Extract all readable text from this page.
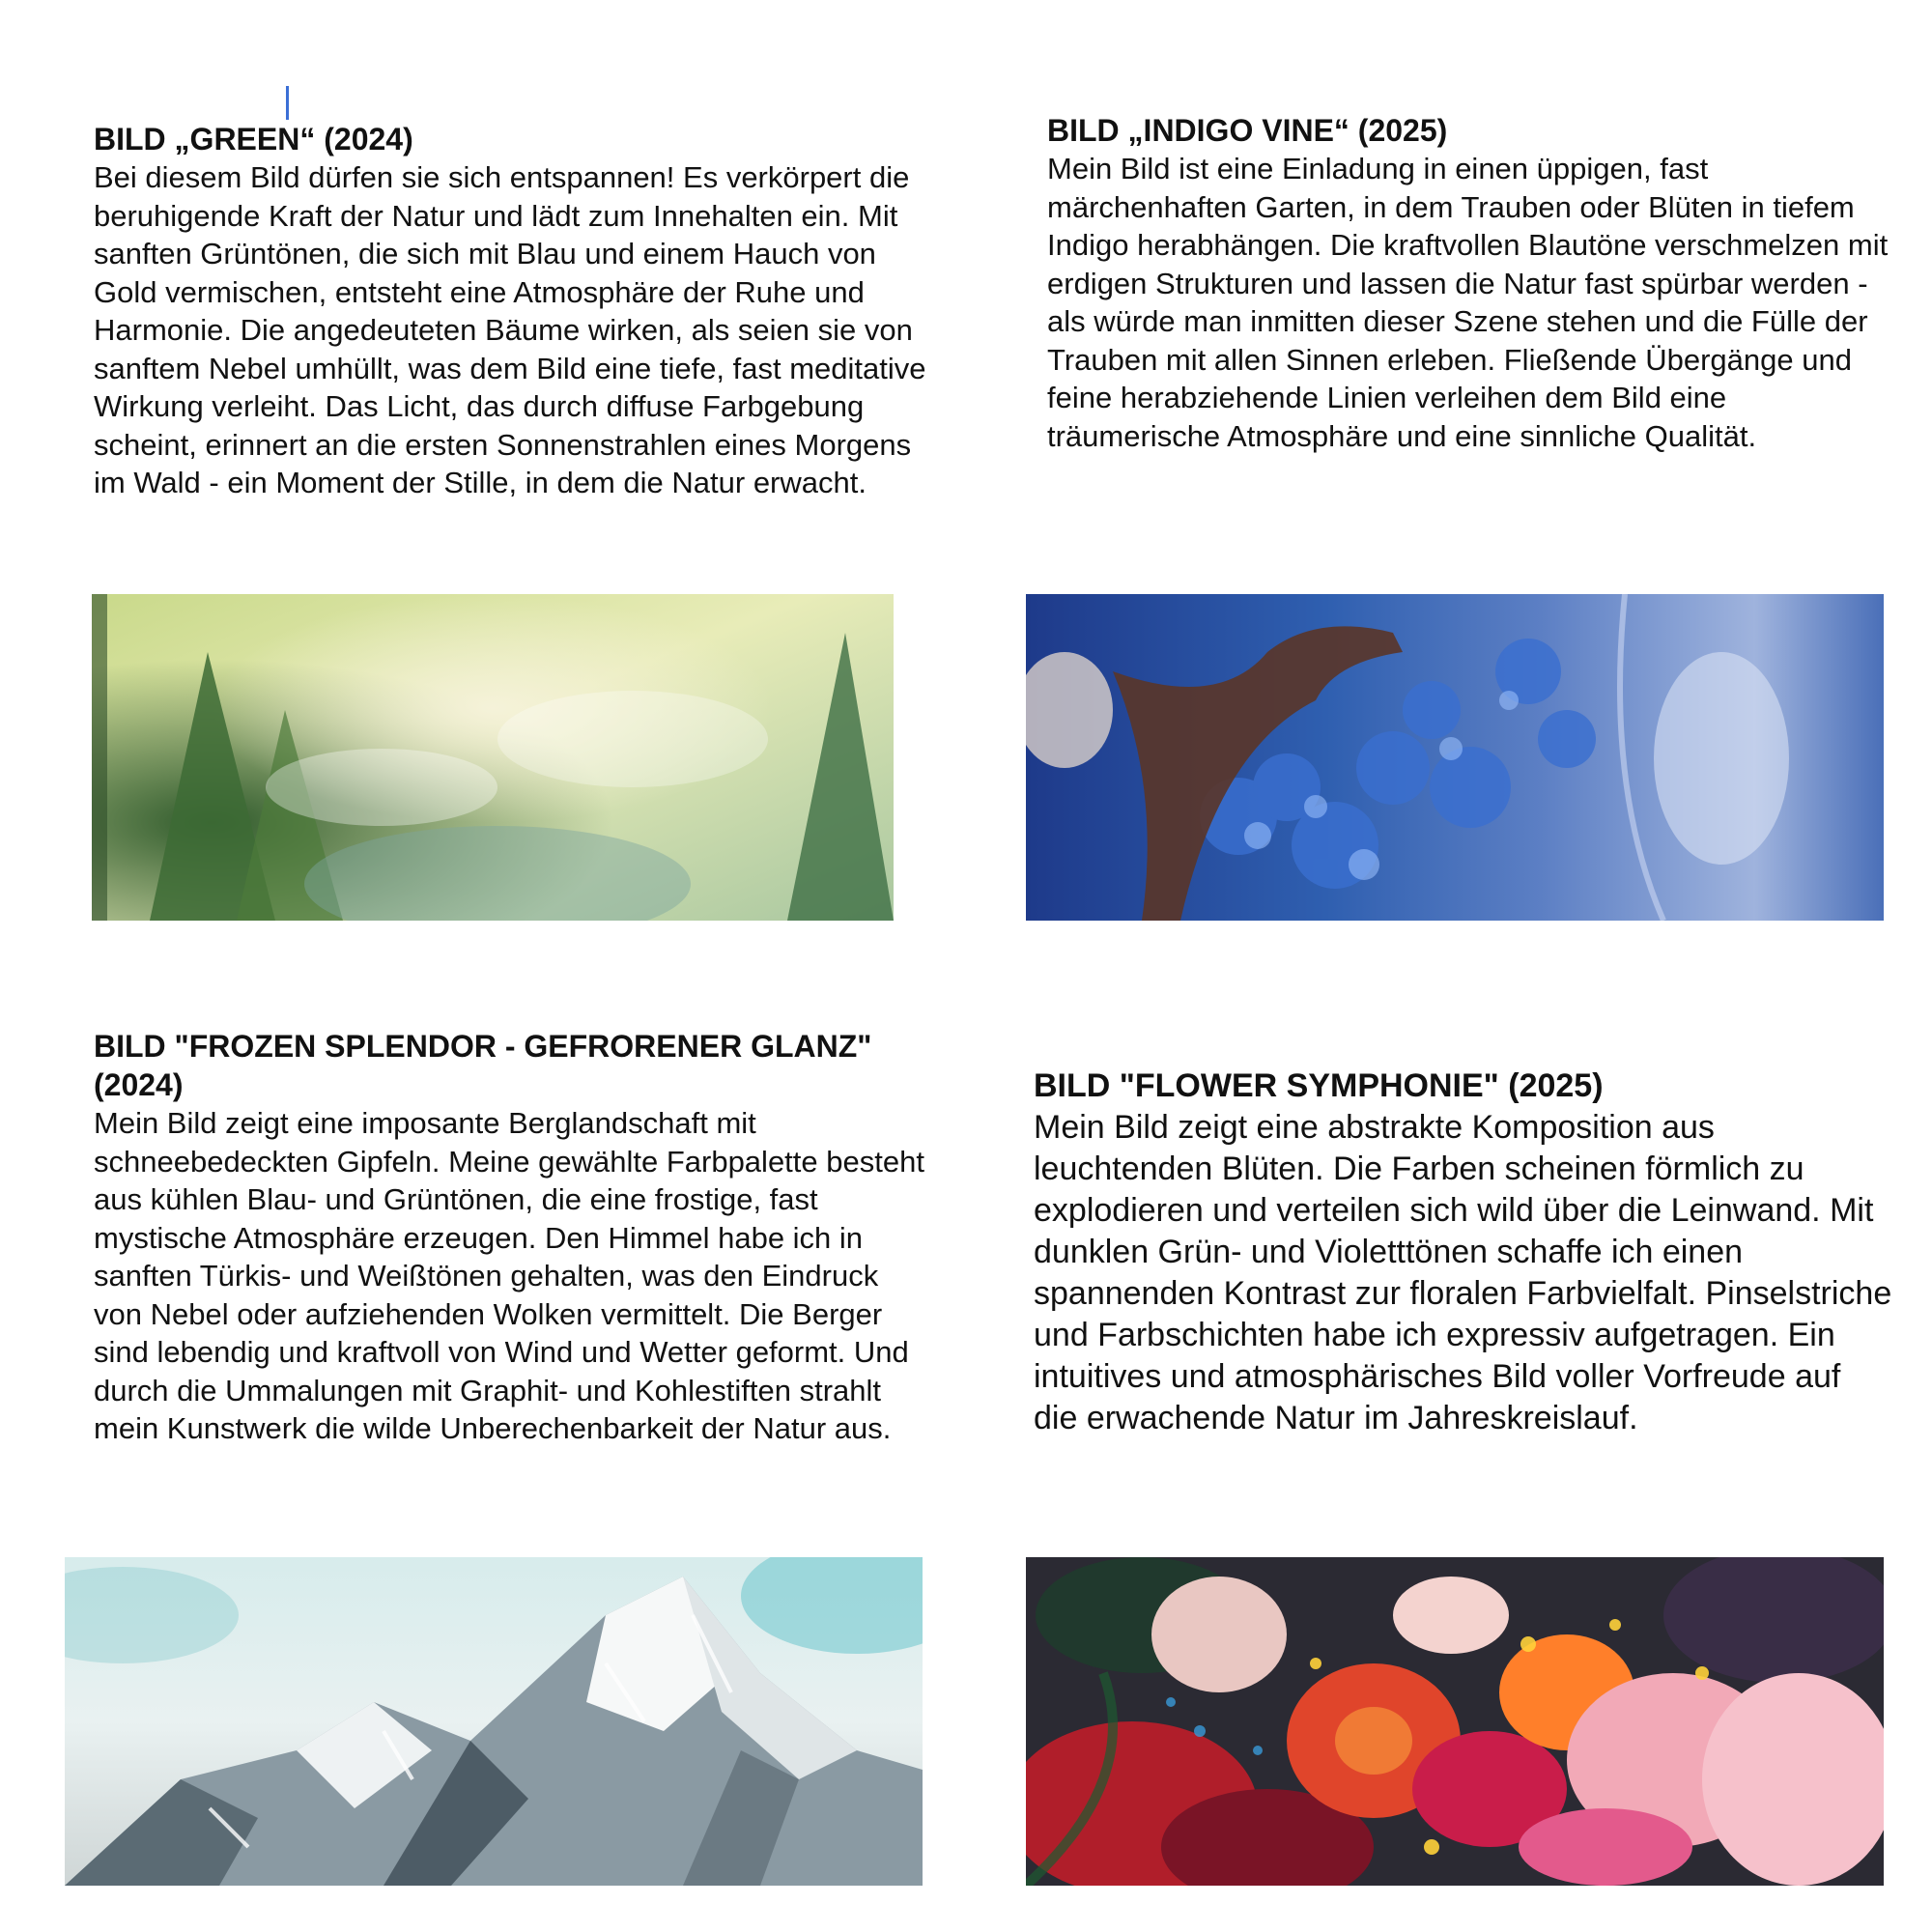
BILD „GREEN“ (2024)

Bei diesem Bild dürfen sie sich entspannen! Es verkörpert die beruhigende Kraft der Natur und lädt zum Innehalten ein. Mit sanften Grüntönen, die sich mit Blau und einem Hauch von Gold vermischen, entsteht eine Atmosphäre der Ruhe und Harmonie. Die angedeuteten Bäume wirken, als seien sie von sanftem Nebel umhüllt, was dem Bild eine tiefe, fast meditative Wirkung verleiht. Das Licht, das durch diffuse Farbgebung scheint, erinnert an die ersten Sonnenstrahlen eines Morgens im Wald - ein Moment der Stille, in dem die Natur erwacht.

BILD „INDIGO VINE“ (2025)

Mein Bild ist eine Einladung in einen üppigen, fast märchenhaften Garten, in dem Trauben oder Blüten in tiefem Indigo herabhängen. Die kraftvollen Blautöne verschmelzen mit erdigen Strukturen und lassen die Natur fast spürbar werden - als würde man inmitten dieser Szene stehen und die Fülle der Trauben mit allen Sinnen erleben. Fließende Übergänge und feine herabziehende Linien verleihen dem Bild eine träumerische Atmosphäre und eine sinnliche Qualität.

BILD "FROZEN SPLENDOR - GEFRORENER GLANZ" (2024)

Mein Bild zeigt eine imposante Berglandschaft mit schneebedeckten Gipfeln. Meine gewählte Farbpalette besteht aus kühlen Blau- und Grüntönen, die eine frostige, fast mystische Atmosphäre erzeugen. Den Himmel habe ich in sanften Türkis- und Weißtönen gehalten, was den Eindruck von Nebel oder aufziehenden Wolken vermittelt. Die Berger sind lebendig und kraftvoll von Wind und Wetter geformt. Und durch die Ummalungen mit Graphit- und Kohlestiften strahlt mein Kunstwerk die wilde Unberechenbarkeit der Natur aus.

BILD "FLOWER SYMPHONIE" (2025)

Mein Bild zeigt eine abstrakte Komposition aus leuchtenden Blüten. Die Farben scheinen förmlich zu explodieren und verteilen sich wild über die Leinwand. Mit dunklen Grün- und Violetttönen schaffe ich einen spannenden Kontrast zur floralen Farbvielfalt. Pinselstriche und Farbschichten habe ich expressiv aufgetragen. Ein intuitives und atmosphärisches Bild voller Vorfreude auf die erwachende Natur im Jahreskreislauf.
